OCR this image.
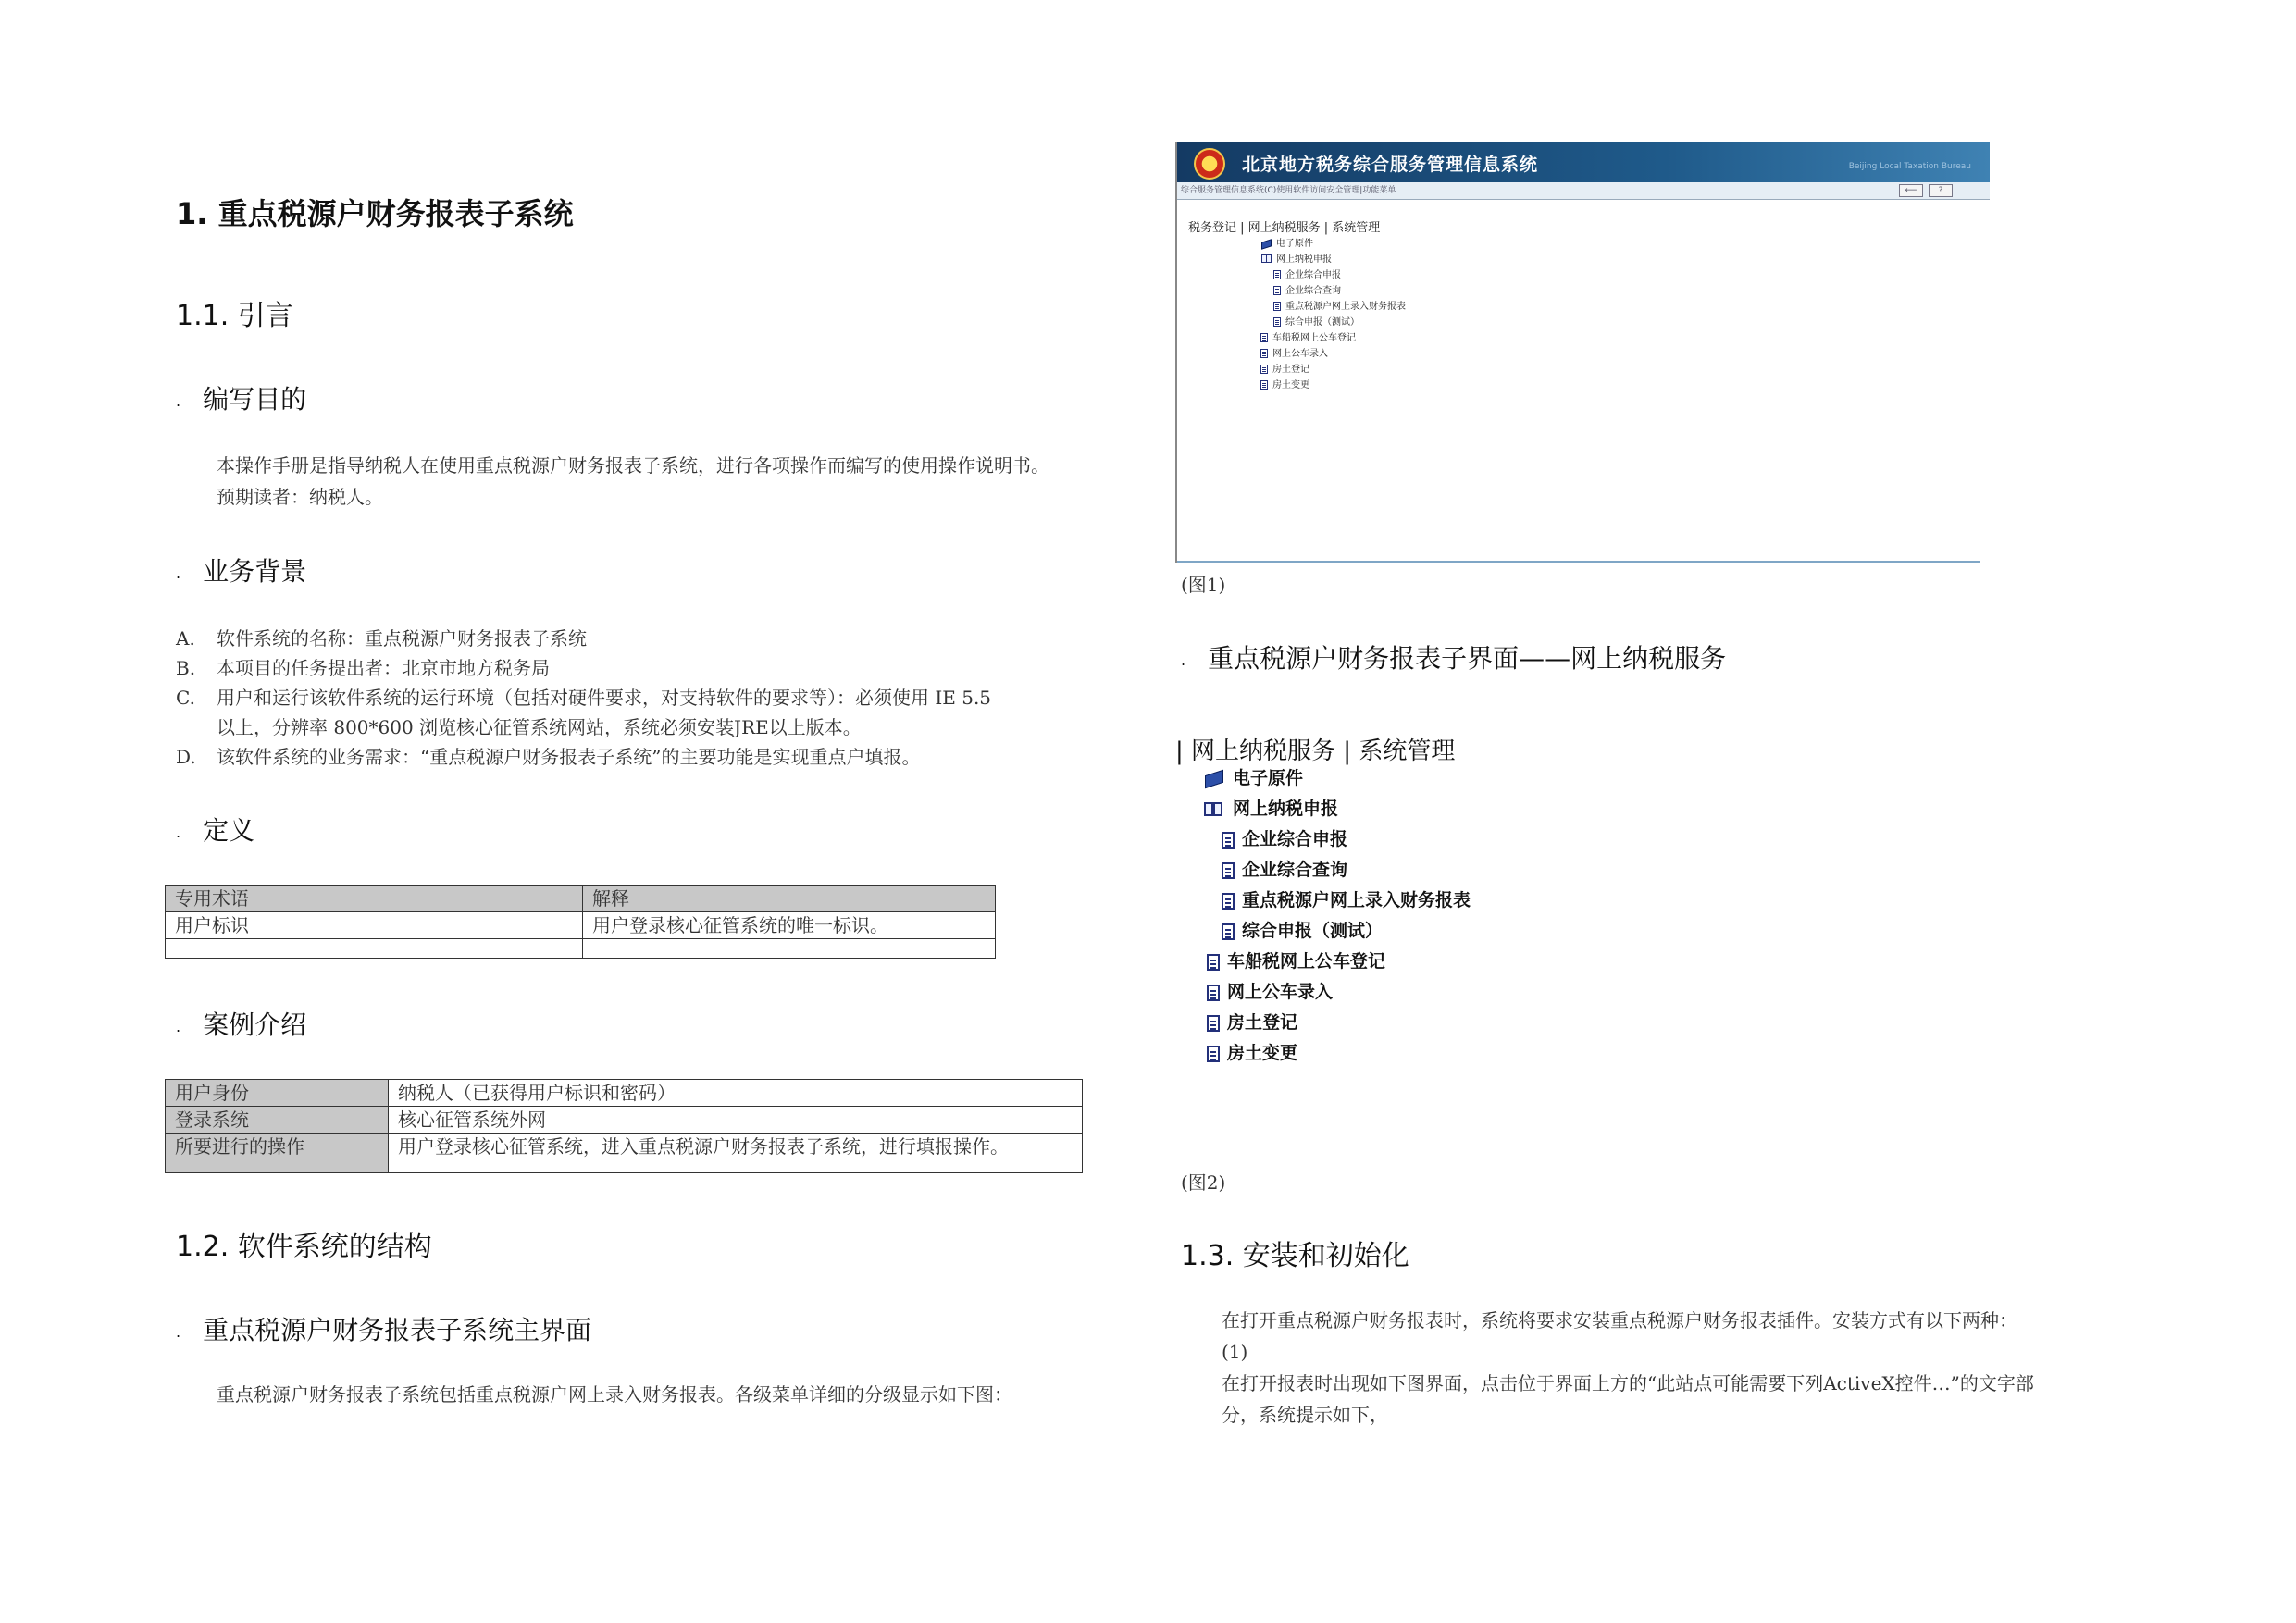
1. 重点税源户财务报表子系统
1.1. 引言
. 编写目的
本操作手册是指导纳税人在使用重点税源户财务报表子系统，进行各项操作而编写的使用操作说明书。
预期读者：纳税人。
. 业务背景
A. 软件系统的名称：重点税源户财务报表子系统
B. 本项目的任务提出者：北京市地方税务局
C. 用户和运行该软件系统的运行环境（包括对硬件要求，对支持软件的要求等）：必须使用 IE 5.5
以上，分辨率 800*600 浏览核心征管系统网站，系统必须安装JRE以上版本。
D. 该软件系统的业务需求：“重点税源户财务报表子系统”的主要功能是实现重点户填报。
. 定义
专用术语	解释
用户标识	用户登录核心征管系统的唯一标识。

. 案例介绍
用户身份	纳税人（已获得用户标识和密码）
登录系统	核心征管系统外网
所要进行的操作	用户登录核心征管系统，进入重点税源户财务报表子系统，进行填报操作。
1.2. 软件系统的结构
. 重点税源户财务报表子系统主界面
重点税源户财务报表子系统包括重点税源户网上录入财务报表。各级菜单详细的分级显示如下图：
北京地方税务综合服务管理信息系统	Beijing Local Taxation Bureau
综合服务管理信息系统(C)使用软件访问安全管理|功能菜单	⟵	?
税务登记 | 网上纳税服务 | 系统管理
电子原件
网上纳税申报
企业综合申报
企业综合查询
重点税源户网上录入财务报表
综合申报（测试）
车船税网上公车登记
网上公车录入
房土登记
房土变更
(图1)
. 重点税源户财务报表子界面——网上纳税服务
| 网上纳税服务 | 系统管理
电子原件
网上纳税申报
企业综合申报
企业综合查询
重点税源户网上录入财务报表
综合申报（测试）
车船税网上公车登记
网上公车录入
房土登记
房土变更
(图2)
1.3. 安装和初始化
在打开重点税源户财务报表时，系统将要求安装重点税源户财务报表插件。安装方式有以下两种：
(1)
在打开报表时出现如下图界面，点击位于界面上方的“此站点可能需要下列ActiveX控件…”的文字部
分，系统提示如下，
